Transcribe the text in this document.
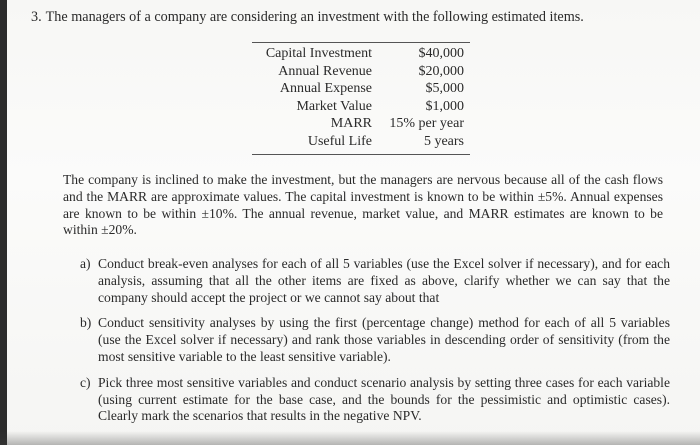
3. The managers of a company are considering an investment with the following estimated items.
Capital Investment	$40,000
Annual Revenue	$20,000
Annual Expense	$5,000
Market Value	$1,000
MARR	15% per year
Useful Life	5 years
The company is inclined to make the investment, but the managers are nervous because all of the cash flows and the MARR are approximate values. The capital investment is known to be within ±5%. Annual expenses are known to be within ±10%. The annual revenue, market value, and MARR estimates are known to be within ±20%.
a) Conduct break-even analyses for each of all 5 variables (use the Excel solver if necessary), and for each analysis, assuming that all the other items are fixed as above, clarify whether we can say that the company should accept the project or we cannot say about that
b) Conduct sensitivity analyses by using the first (percentage change) method for each of all 5 variables (use the Excel solver if necessary) and rank those variables in descending order of sensitivity (from the most sensitive variable to the least sensitive variable).
c) Pick three most sensitive variables and conduct scenario analysis by setting three cases for each variable (using current estimate for the base case, and the bounds for the pessimistic and optimistic cases). Clearly mark the scenarios that results in the negative NPV.
